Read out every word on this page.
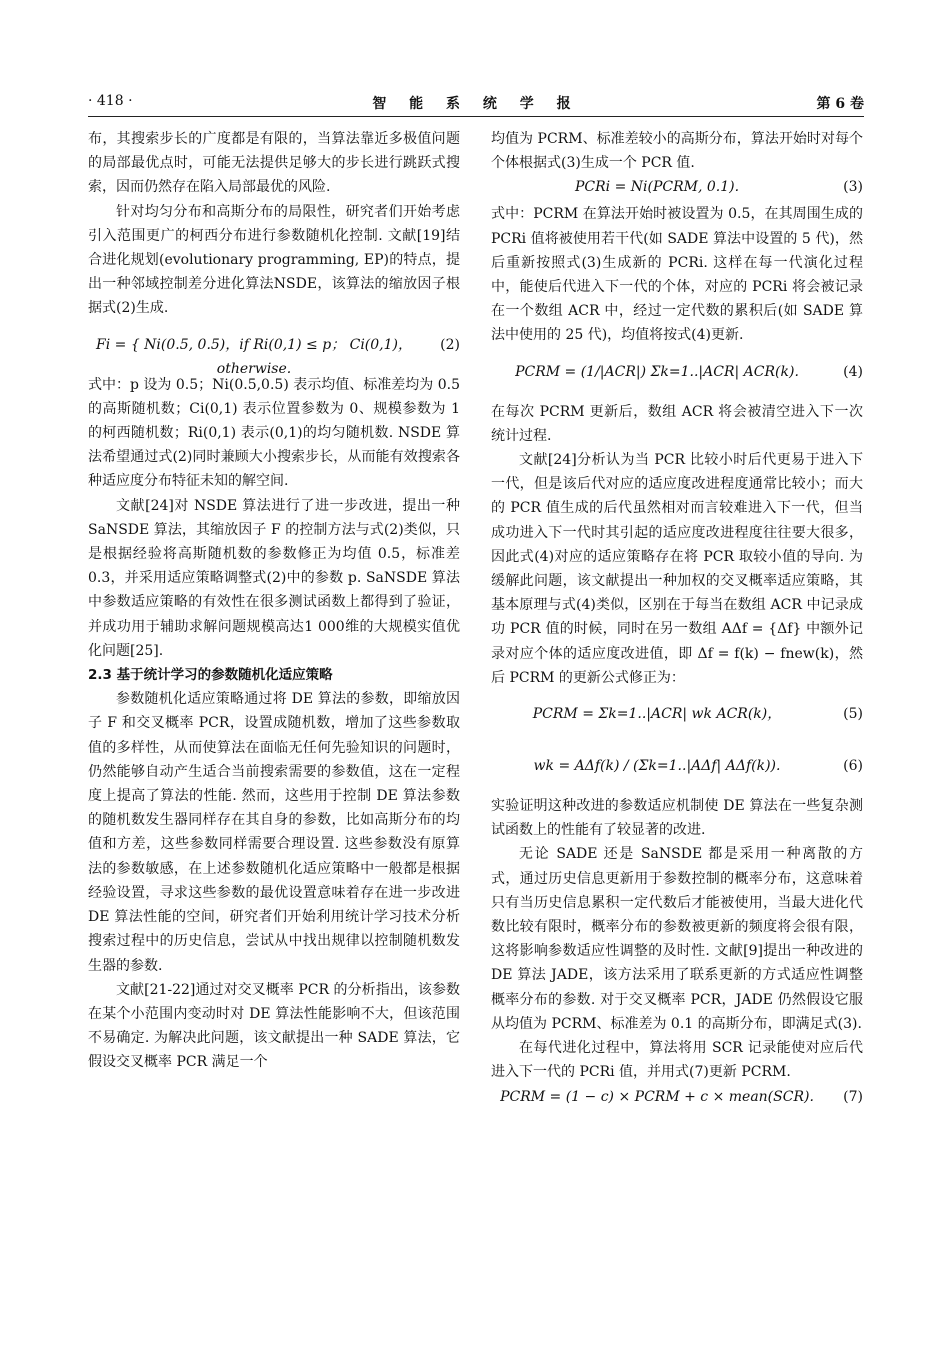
· 418 ·	智 能 系 统 学 报	第 6 卷

布，其搜索步长的广度都是有限的，当算法靠近多极值问题的局部最优点时，可能无法提供足够大的步长进行跳跃式搜索，因而仍然存在陷入局部最优的风险.

针对均匀分布和高斯分布的局限性，研究者们开始考虑引入范围更广的柯西分布进行参数随机化控制. 文献[19]结合进化规划(evolutionary programming, EP)的特点，提出一种邻域控制差分进化算法NSDE，该算法的缩放因子根据式(2)生成.

Fi = { Ni(0.5, 0.5)，if Ri(0,1) ≤ p； Ci(0,1)， otherwise.
(2)

式中：p 设为 0.5；Ni(0.5,0.5) 表示均值、标准差均为 0.5 的高斯随机数；Ci(0,1) 表示位置参数为 0、规模参数为 1 的柯西随机数；Ri(0,1) 表示(0,1)的均匀随机数. NSDE 算法希望通过式(2)同时兼顾大小搜索步长，从而能有效搜索各种适应度分布特征未知的解空间.

文献[24]对 NSDE 算法进行了进一步改进，提出一种 SaNSDE 算法，其缩放因子 F 的控制方法与式(2)类似，只是根据经验将高斯随机数的参数修正为均值 0.5，标准差 0.3，并采用适应策略调整式(2)中的参数 p. SaNSDE 算法中参数适应策略的有效性在很多测试函数上都得到了验证，并成功用于辅助求解问题规模高达1 000维的大规模实值优化问题[25].

2.3 基于统计学习的参数随机化适应策略

参数随机化适应策略通过将 DE 算法的参数，即缩放因子 F 和交叉概率 PCR，设置成随机数，增加了这些参数取值的多样性，从而使算法在面临无任何先验知识的问题时，仍然能够自动产生适合当前搜索需要的参数值，这在一定程度上提高了算法的性能. 然而，这些用于控制 DE 算法参数的随机数发生器同样存在其自身的参数，比如高斯分布的均值和方差，这些参数同样需要合理设置. 这些参数没有原算法的参数敏感，在上述参数随机化适应策略中一般都是根据经验设置，寻求这些参数的最优设置意味着存在进一步改进 DE 算法性能的空间，研究者们开始利用统计学习技术分析搜索过程中的历史信息，尝试从中找出规律以控制随机数发生器的参数.

文献[21-22]通过对交叉概率 PCR 的分析指出，该参数在某个小范围内变动时对 DE 算法性能影响不大，但该范围不易确定. 为解决此问题，该文献提出一种 SADE 算法，它假设交叉概率 PCR 满足一个

均值为 PCRM、标准差较小的高斯分布，算法开始时对每个个体根据式(3)生成一个 PCR 值.

PCRi = Ni(PCRM, 0.1).	(3)

式中：PCRM 在算法开始时被设置为 0.5，在其周围生成的 PCRi 值将被使用若干代(如 SADE 算法中设置的 5 代)，然后重新按照式(3)生成新的 PCRi. 这样在每一代演化过程中，能使后代进入下一代的个体，对应的 PCRi 将会被记录在一个数组 ACR 中，经过一定代数的累积后(如 SADE 算法中使用的 25 代)，均值将按式(4)更新.

PCRM = (1/|ACR|) Σk=1..|ACR| ACR(k).	(4)

在每次 PCRM 更新后，数组 ACR 将会被清空进入下一次统计过程.

文献[24]分析认为当 PCR 比较小时后代更易于进入下一代，但是该后代对应的适应度改进程度通常比较小；而大的 PCR 值生成的后代虽然相对而言较难进入下一代，但当成功进入下一代时其引起的适应度改进程度往往要大很多，因此式(4)对应的适应策略存在将 PCR 取较小值的导向. 为缓解此问题，该文献提出一种加权的交叉概率适应策略，其基本原理与式(4)类似，区别在于每当在数组 ACR 中记录成功 PCR 值的时候，同时在另一数组 AΔf = {Δf} 中额外记录对应个体的适应度改进值，即 Δf = f(k) − fnew(k)，然后 PCRM 的更新公式修正为：

PCRM = Σk=1..|ACR| wk ACR(k)，	(5)
wk = AΔf(k) / (Σk=1..|AΔf| AΔf(k)).	(6)

实验证明这种改进的参数适应机制使 DE 算法在一些复杂测试函数上的性能有了较显著的改进.

无论 SADE 还是 SaNSDE 都是采用一种离散的方式，通过历史信息更新用于参数控制的概率分布，这意味着只有当历史信息累积一定代数后才能被使用，当最大进化代数比较有限时，概率分布的参数被更新的频度将会很有限，这将影响参数适应性调整的及时性. 文献[9]提出一种改进的 DE 算法 JADE，该方法采用了联系更新的方式适应性调整概率分布的参数. 对于交叉概率 PCR，JADE 仍然假设它服从均值为 PCRM、标准差为 0.1 的高斯分布，即满足式(3).

在每代进化过程中，算法将用 SCR 记录能使对应后代进入下一代的 PCRi 值，并用式(7)更新 PCRM.

PCRM = (1 − c) × PCRM + c × mean(SCR).	(7)
